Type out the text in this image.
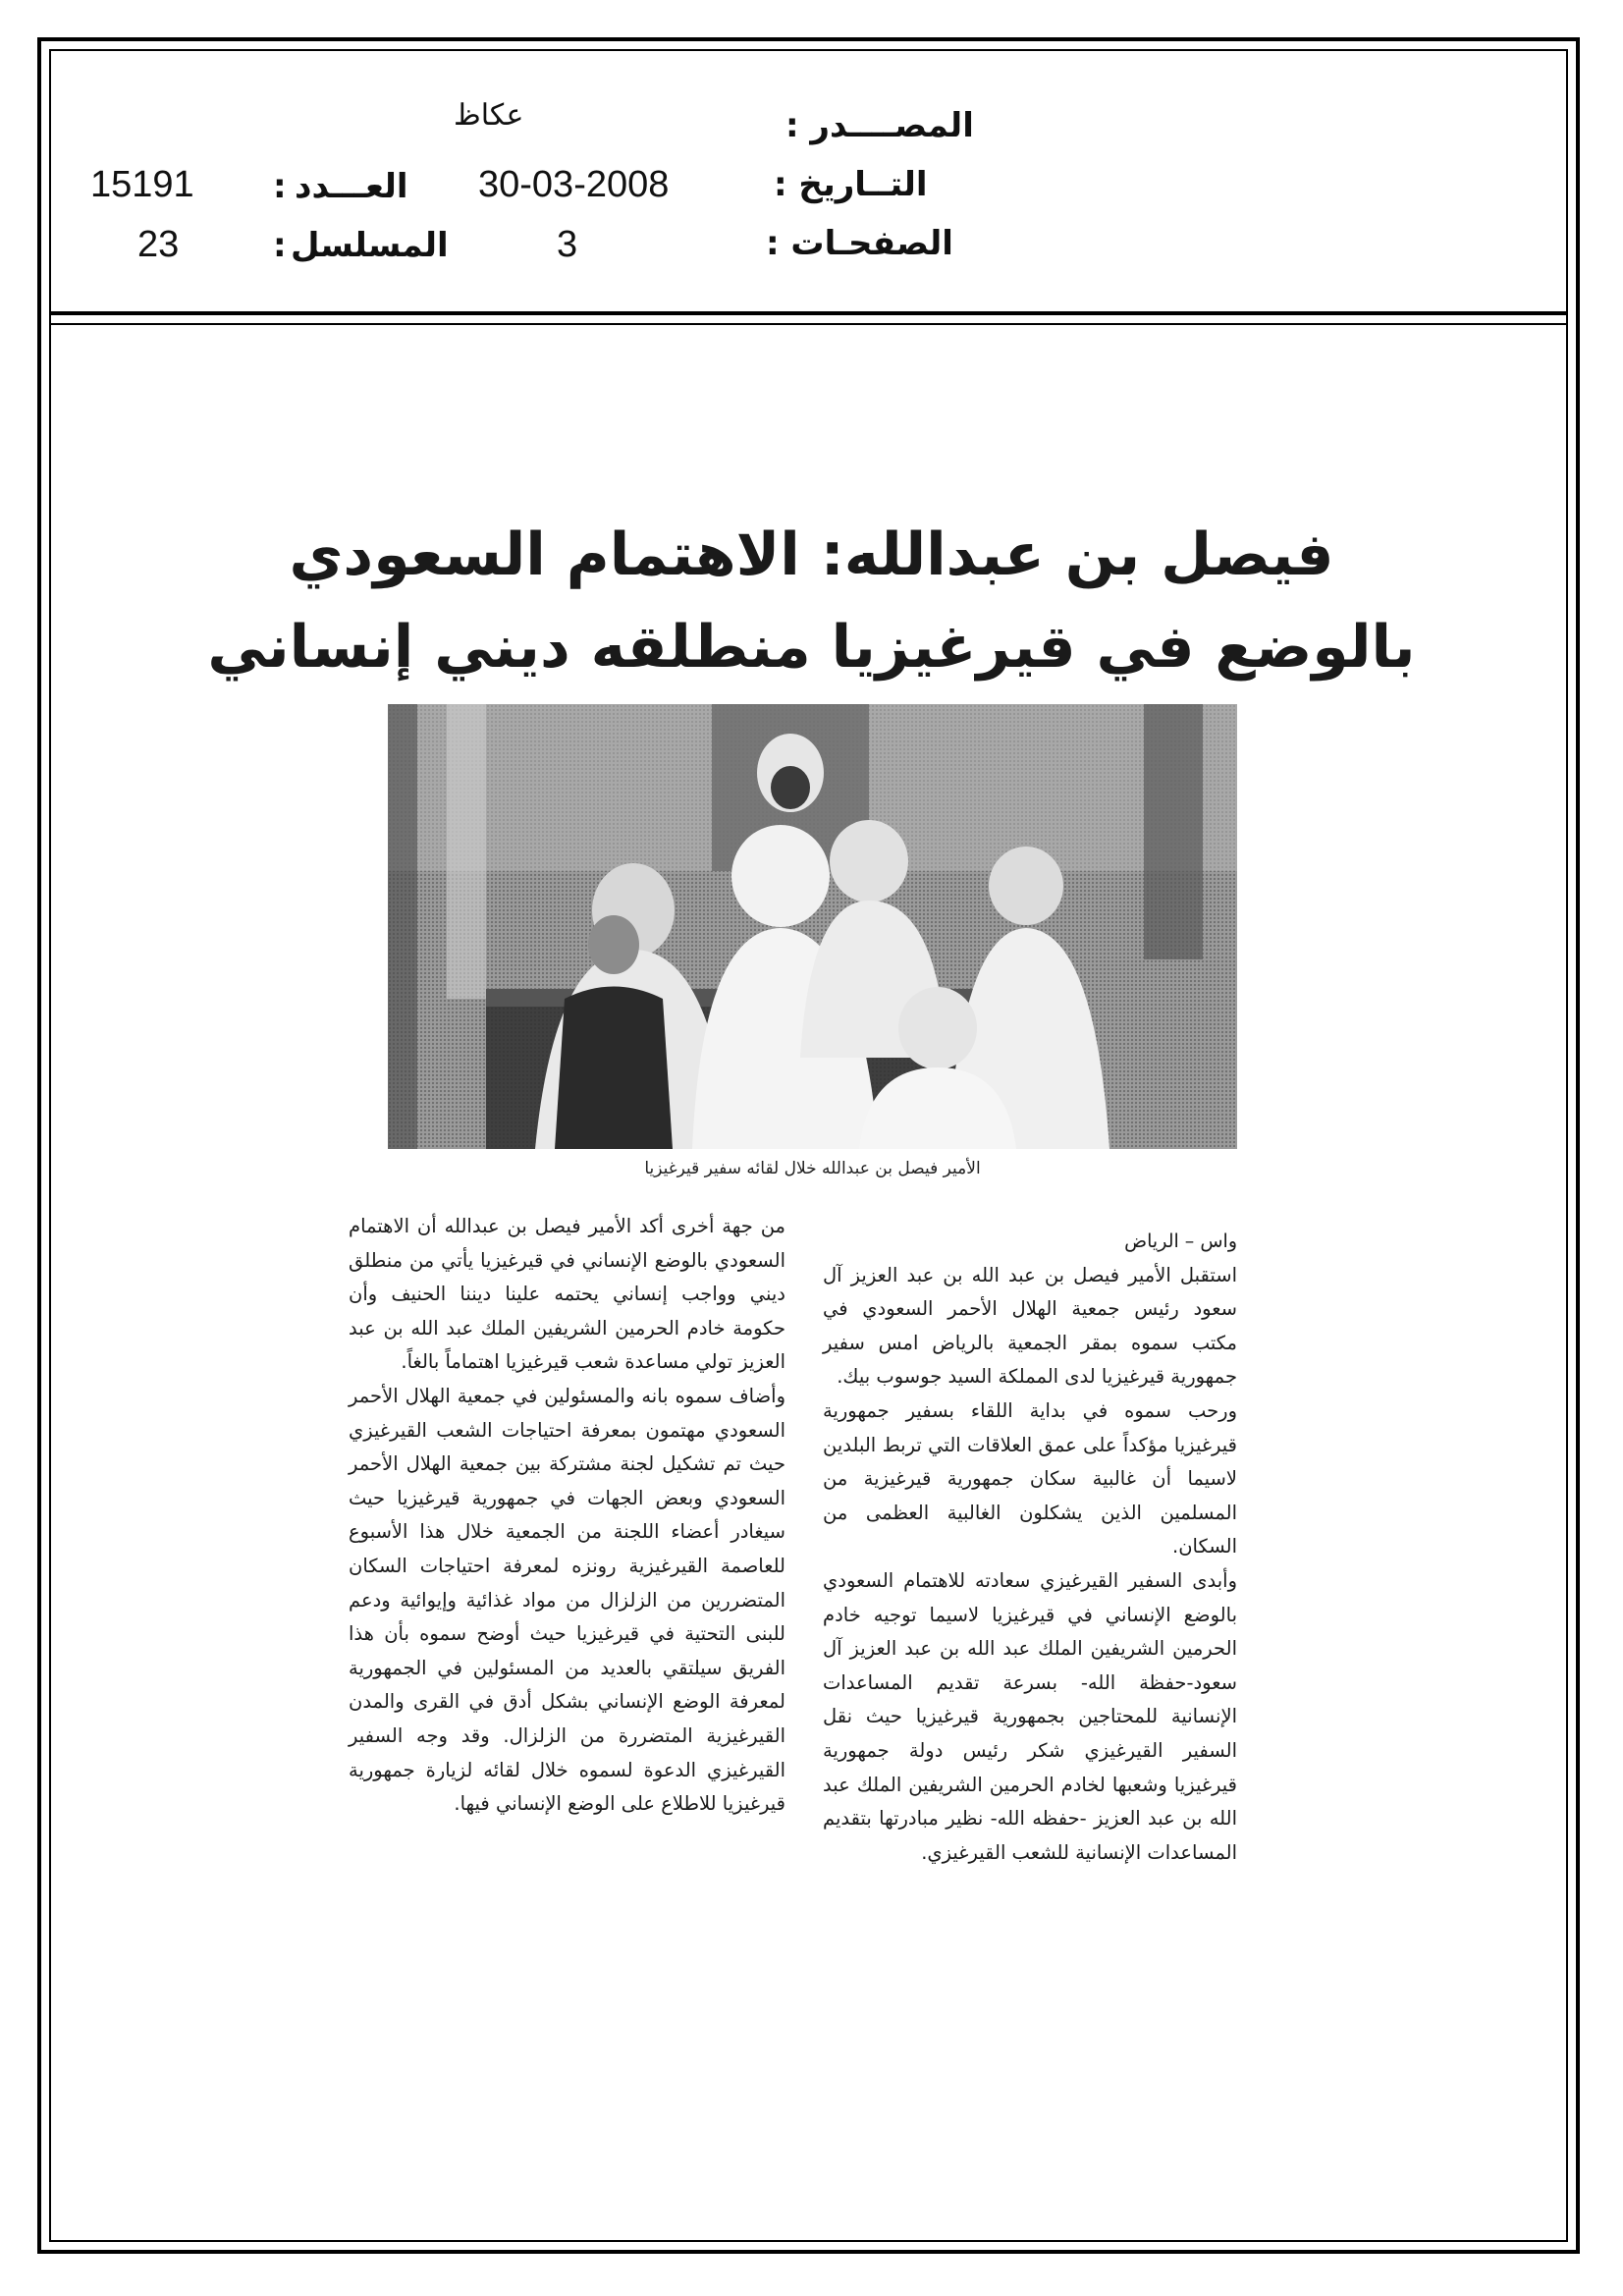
المصــــدر :
عكاظ
التــاريخ :
30-03-2008
الصفحـات :
3
العـــدد
:
15191
المسلسل
:
23
فيصل بن عبدالله: الاهتمام السعودي
بالوضع في قيرغيزيا منطلقه ديني إنساني
الأمير فيصل بن عبدالله خلال لقائه سفير قيرغيزيا

واس – الرياض

استقبل الأمير فيصل بن عبد الله بن عبد العزيز آل سعود رئيس جمعية الهلال الأحمر السعودي في مكتب سموه بمقر الجمعية بالرياض امس سفير جمهورية قيرغيزيا لدى المملكة السيد جوسوب بيك.

ورحب سموه في بداية اللقاء بسفير جمهورية قيرغيزيا مؤكداً على عمق العلاقات التي تربط البلدين لاسيما أن غالبية سكان جمهورية قيرغيزية من المسلمين الذين يشكلون الغالبية العظمى من السكان.

وأبدى السفير القيرغيزي سعادته للاهتمام السعودي بالوضع الإنساني في قيرغيزيا لاسيما توجيه خادم الحرمين الشريفين الملك عبد الله بن عبد العزيز آل سعود-حفظة الله- بسرعة تقديم المساعدات الإنسانية للمحتاجين بجمهورية قيرغيزيا حيث نقل السفير القيرغيزي شكر رئيس دولة جمهورية قيرغيزيا وشعبها لخادم الحرمين الشريفين الملك عبد الله بن عبد العزيز -حفظه الله- نظير مبادرتها بتقديم المساعدات الإنسانية للشعب القيرغيزي.

من جهة أخرى أكد الأمير فيصل بن عبدالله أن الاهتمام السعودي بالوضع الإنساني في قيرغيزيا يأتي من منطلق ديني وواجب إنساني يحتمه علينا ديننا الحنيف وأن حكومة خادم الحرمين الشريفين الملك عبد الله بن عبد العزيز تولي مساعدة شعب قيرغيزيا اهتماماً بالغاً.

وأضاف سموه بانه والمسئولين في جمعية الهلال الأحمر السعودي مهتمون بمعرفة احتياجات الشعب القيرغيزي حيث تم تشكيل لجنة مشتركة بين جمعية الهلال الأحمر السعودي وبعض الجهات في جمهورية قيرغيزيا حيث سيغادر أعضاء اللجنة من الجمعية خلال هذا الأسبوع للعاصمة القيرغيزية رونزه لمعرفة احتياجات السكان المتضررين من الزلزال من مواد غذائية وإيوائية ودعم للبنى التحتية في قيرغيزيا حيث أوضح سموه بأن هذا الفريق سيلتقي بالعديد من المسئولين في الجمهورية لمعرفة الوضع الإنساني بشكل أدق في القرى والمدن القيرغيزية المتضررة من الزلزال. وقد وجه السفير القيرغيزي الدعوة لسموه خلال لقائه لزيارة جمهورية قيرغيزيا للاطلاع على الوضع الإنساني فيها.
